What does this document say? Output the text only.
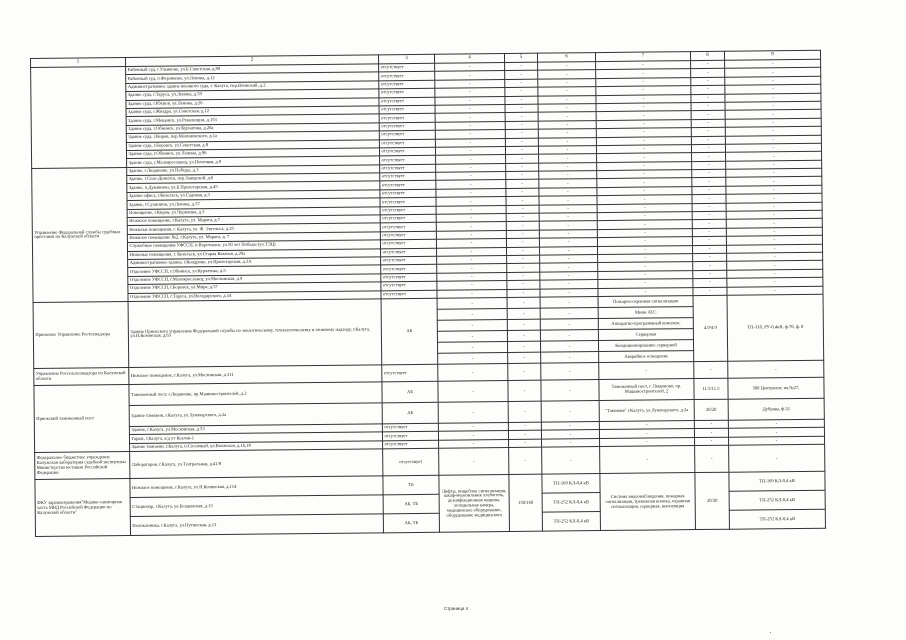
1	2	3	4	5	6	7	8	9
	Районный суд, г.Ульяново, ул.Б.Советская, д.89	отсутствует	-	-	-	-	-	-
	Районный суд, п.Ферзиково, ул.Ленина, д.12	отсутствует	-	-	-	-	-	-
	Административное здание военного суда, г. Калуга, пер.Воинский, д.2	отсутствует	-	-	-	-	-	-
	Здание суда, г.Таруса, ул.Ленина, д.59	отсутствует	-	-	-	-	-	-
	Здание суда, г.Юхнов, ул.Ленина, д.26	отсутствует	-	-	-	-	-	-
	Здание суда, г.Жиздра, ул.Советская, д.12	отсутствует	-	-	-	-	-	-
	Здание суда, г.Мещовск, ул.Революции, д.153	отсутствует	-	-	-	-	-	-
	Здание суда, г.Обнинск, ул.Курчатова, д.20а	отсутствует	-	-	-	-	-	-
	Здание суда, г.Киров, пер.Малиновского, д.1а	отсутствует	-	-	-	-	-	-
	Здание суда, г.Боровск, ул.Советская, д.8	отсутствует	-	-	-	-	-	-
	Здание суда, г.Обнинск, ул.Ленина, д.96	отсутствует	-	-	-	-	-	-
	Здание суда, г.Малоярославец, ул.Почтовая, д.9	отсутствует	-	-	-	-	-	-
Управление Федеральной службы судебных приставов по Калужской области	Здание, г.Людиново, ул.Победы, д.3	отсутствует	-	-	-	-	-	-
	Здание, г.Спас-Деменск, пер.Заводской, д.6	отсутствует	-	-	-	-	-	-
	Здание, п.Думиничи, ул.Б.Пролетарская, д.45	отсутствует	-	-	-	-	-	-
	Здание офиса, г.Козельск, ул.Садовая, д.3	отсутствует	-	-	-	-	-	-
	Здание, г.Сухиничи, ул.Ленина, д.57	отсутствует	-	-	-	-	-	-
	Помещение, г.Киров, ул.Чурилина, д.3	отсутствует	-	-	-	-	-	-
	Нежилое помещение, г.Калуга, ул. Марата, д.7	отсутствует	-	-	-	-	-	-
	Нежилые помещения, г. Калуга, ул. Ф. Энгельса, д.25	отсутствует	-	-	-	-	-	-
	Нежилое помещение №2, г.Калуга, ул. Марата, д. 7	отсутствует	-	-	-	-	-	-
	Служебные помещения УФССП, п.Воротынск, ул.50 лет Победы (ул.ТЭЦ)	отсутствует	-	-	-	-	-	-
	Нежилые помещения, г. Козельск, ул.Старая Казачья, д.20а	отсутствует	-	-	-	-	-	-
	Административное здание, г.Кондрово, ул.Пролетарская, д.3А	отсутствует	-	-	-	-	-	-
	Отделение УФССП, г.Обнинск, ул.Курчатова, д.5	отсутствует	-	-	-	-	-	-
	Отделение УФССП, г.Малоярославец, ул.Московская, д.9	отсутствует	-	-	-	-	-	-
	Отделение УФССП, г.Боровск, ул.Мира, д.57	отсутствует	-	-	-	-	-	-
	Отделение УФССП, г.Таруса, ул.Володарского, д.14	отсутствует	-	-	-	-	-	-
Приокское Управление Ростехнадзора	Здание Приокского управления Федеральной службы по экологическому, технологическому и атомному надзору, г.Калуга, ул.Н.Козинская, д.63	АБ	-	-	-	Пожарно-охранная сигнализация	4.9/4.9	ТП-310, РУ-0,4кВ, ф.70, ф. 8
			-	-	-	Мини АТС		
			-	-	-	Аппаратно-программный комплекс		
			-	-	-	Серверная		
			-	-	-	Кондиционирование серверной		
			-	-	-	Аварийное освещение		
Управление Россельхознадзора по Калужской области	Нежилое помещение, г.Калуга, ул.Московская, д.311	отсутствует	-	-	-	-	-	-
Приокский таможенный пост	Таможенный пост, г.Людиново, пр.Машиностроителей, д.2	АБ	-	-	-	Таможенный пост, г. Людиново, пр. Машиностроителей, 2	11.5/11.5	500 Центролит, яч.№27,
	Здание таможни, г.Калуга, ул.Луначарского, д.2а	АБ	-	-	-	"Таможня" г.Калуга, ул.Луначарского, д.2а	20/20	Дубрава, ф.32
	Здание, г.Калуга, ул.Московская, д.53	отсутствует	-	-	-	-	-	-
	Гараж, г.Калуга, а/д от Козлов-1	отсутствует	-	-	-	-	-	-
	Здание таможни, г.Калуга, п.Сосновый, ул.Волжская, д.16,18	отсутствует	-	-	-	-	-	-
Федеральное бюджетное учреждение Калужская лаборатория судебной экспертизы Министерства юстиции Российской Федерации	Лаборатория, г.Калуга, ул.Театральная, д.41/8	отсутствует	-	-	-	-	-	-
ФКУ здравоохранения"Медико-санитарная часть МВД Российской Федерации по Калужской области"	Нежилое помещение, г.Калуга, ул.Н.Козинская, д.114	ТБ	Лифты, пищеблок сигнализация, шкаф-морозильник хлебопечь, дезинфекционная машина, холодильная камера, медицинское оборудование, оборудование медицинского	150/160	ТП-169 КЛ-0,4 кВ	Система видеонаблюдения, пожарная сигнализация, тревожная кнопка, охранная сигнализация, серверная, вентиляция	20/20	ТП-169 КЛ-0,4 кВ
	Стационар, г.Калуга, ул.Болдинская, д.13	АБ, ТБ			ТП-252 КЛ-0,4 кВ			ТП-252 КЛ-0,4 кВ
	Поликлиника, г.Калуга, ул.Путинская, д.13	АБ, ТБ			ТП-252 КЛ-0,4 кВ			ТП-252 КЛ-0,4 кВ
Страница 4
